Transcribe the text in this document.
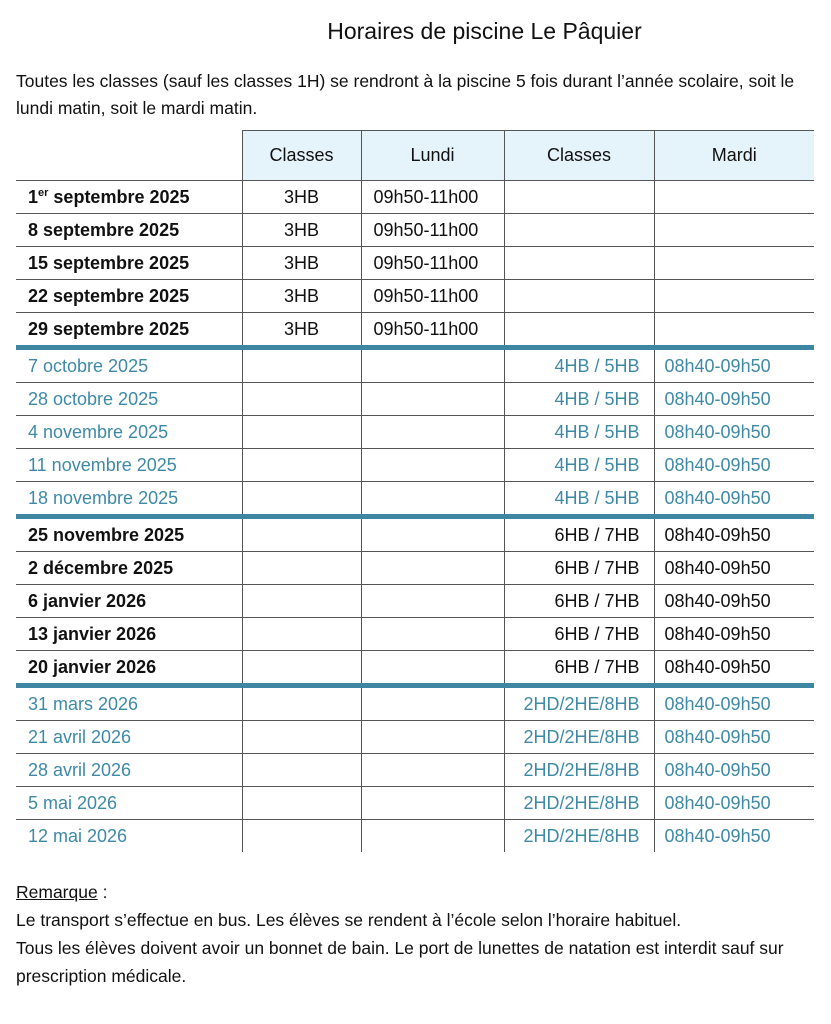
Horaires de piscine Le Pâquier
Toutes les classes (sauf les classes 1H) se rendront à la piscine 5 fois durant l’année scolaire, soit le lundi matin, soit le mardi matin.
	Classes	Lundi	Classes	Mardi
1er septembre 2025	3HB	09h50-11h00		
8 septembre 2025	3HB	09h50-11h00		
15 septembre 2025	3HB	09h50-11h00		
22 septembre 2025	3HB	09h50-11h00		
29 septembre 2025	3HB	09h50-11h00		
7 octobre 2025			4HB / 5HB	08h40-09h50
28 octobre 2025			4HB / 5HB	08h40-09h50
4 novembre 2025			4HB / 5HB	08h40-09h50
11 novembre 2025			4HB / 5HB	08h40-09h50
18 novembre 2025			4HB / 5HB	08h40-09h50
25 novembre 2025			6HB / 7HB	08h40-09h50
2 décembre 2025			6HB / 7HB	08h40-09h50
6 janvier 2026			6HB / 7HB	08h40-09h50
13 janvier 2026			6HB / 7HB	08h40-09h50
20 janvier 2026			6HB / 7HB	08h40-09h50
31 mars 2026			2HD/2HE/8HB	08h40-09h50
21 avril 2026			2HD/2HE/8HB	08h40-09h50
28 avril 2026			2HD/2HE/8HB	08h40-09h50
5 mai 2026			2HD/2HE/8HB	08h40-09h50
12 mai 2026			2HD/2HE/8HB	08h40-09h50
Remarque :
Le transport s’effectue en bus. Les élèves se rendent à l’école selon l’horaire habituel.
Tous les élèves doivent avoir un bonnet de bain. Le port de lunettes de natation est interdit sauf sur prescription médicale.
